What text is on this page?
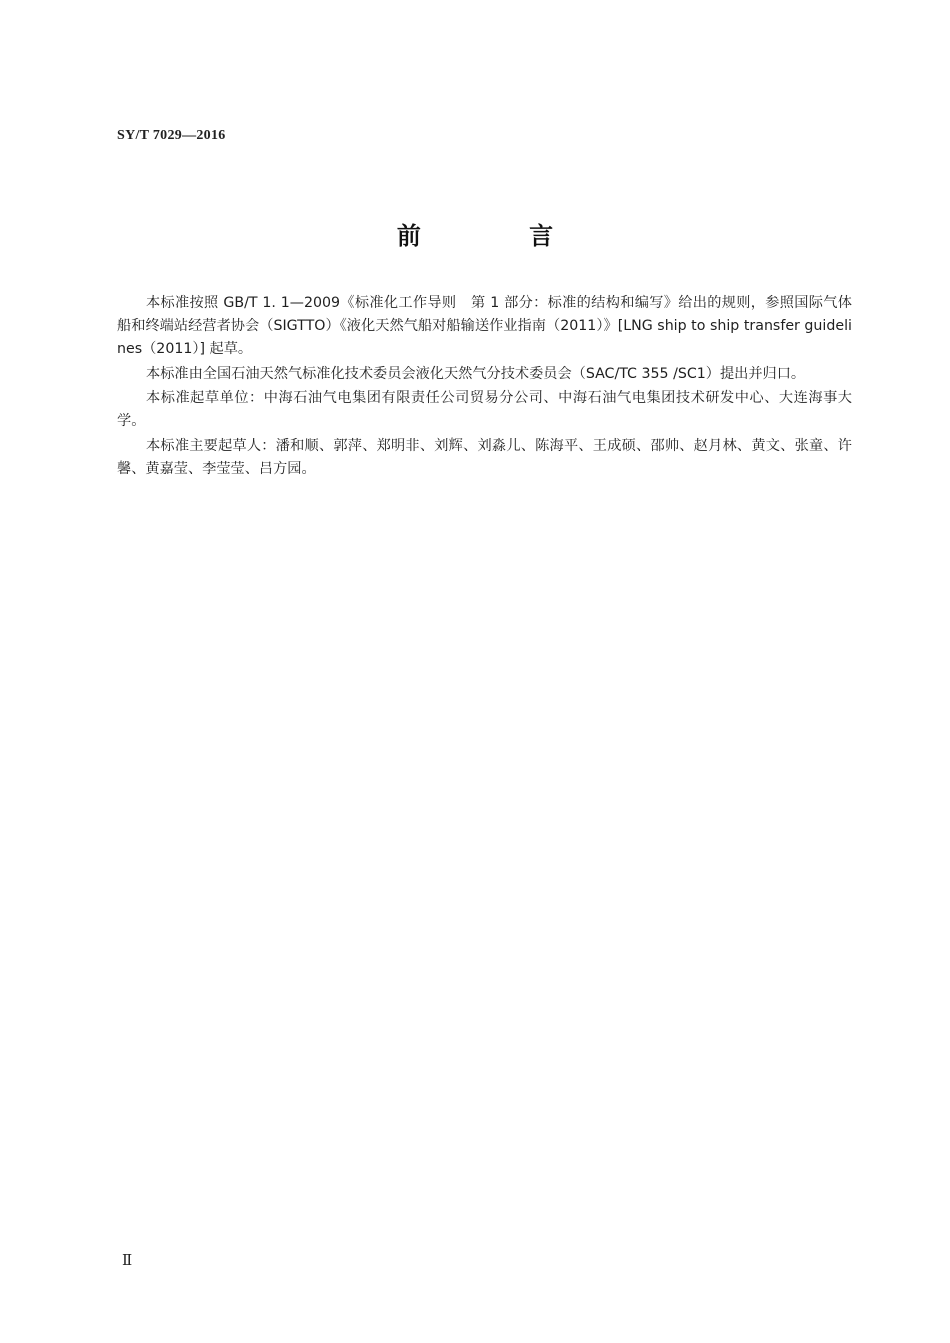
SY/T 7029—2016
前 言

本标准按照 GB/T 1. 1—2009《标准化工作导则　第 1 部分：标准的结构和编写》给出的规则，参照国际气体船和终端站经营者协会（SIGTTO）《液化天然气船对船输送作业指南（2011）》[LNG ship to ship transfer guidelines（2011）] 起草。

本标准由全国石油天然气标准化技术委员会液化天然气分技术委员会（SAC/TC 355 /SC1）提出并归口。

本标准起草单位：中海石油气电集团有限责任公司贸易分公司、中海石油气电集团技术研发中心、大连海事大学。

本标准主要起草人：潘和顺、郭萍、郑明非、刘辉、刘淼儿、陈海平、王成硕、邵帅、赵月林、黄文、张童、许馨、黄嘉莹、李莹莹、吕方园。

Ⅱ
